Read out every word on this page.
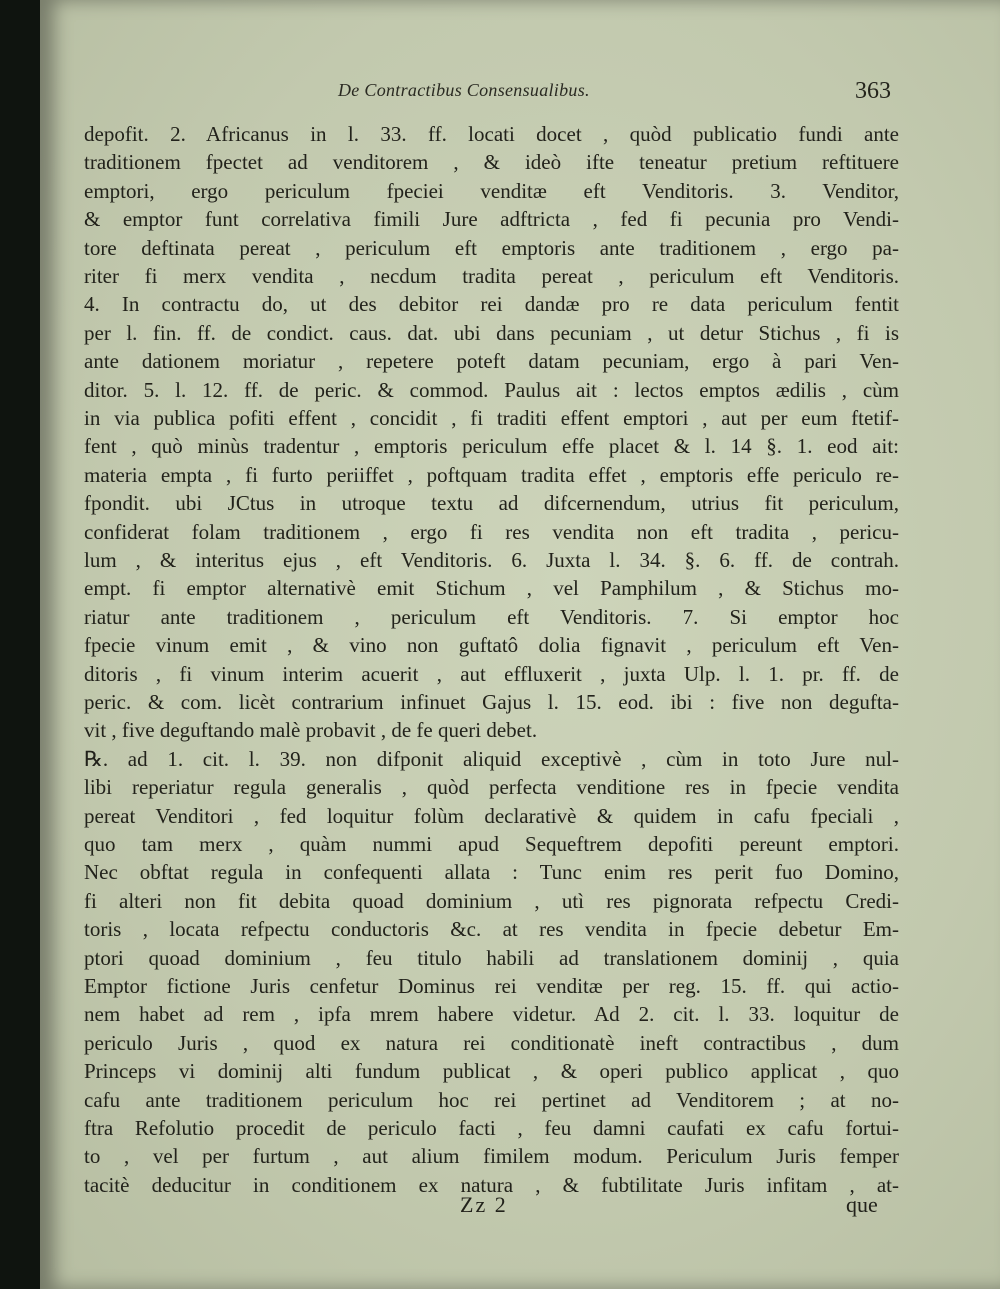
De Contractibus Consensualibus.	363
depofit. 2. Africanus in l. 33. ff. locati docet , quòd publicatio fundi ante
traditionem fpectet ad venditorem , & ideò ifte teneatur pretium reftituere
emptori, ergo periculum fpeciei venditæ eft Venditoris. 3. Venditor,
& emptor funt correlativa fimili Jure adftricta , fed fi pecunia pro Vendi-
tore deftinata pereat , periculum eft emptoris ante traditionem , ergo pa-
riter fi merx vendita , necdum tradita pereat , periculum eft Venditoris.
4. In contractu do, ut des debitor rei dandæ pro re data periculum fentit
per l. fin. ff. de condict. caus. dat. ubi dans pecuniam , ut detur Stichus , fi is
ante dationem moriatur , repetere poteft datam pecuniam, ergo à pari Ven-
ditor. 5. l. 12. ff. de peric. & commod. Paulus ait : lectos emptos ædilis , cùm
in via publica pofiti effent , concidit , fi traditi effent emptori , aut per eum ftetif-
fent , quò minùs tradentur , emptoris periculum effe placet & l. 14 §. 1. eod ait:
materia empta , fi furto periiffet , poftquam tradita effet , emptoris effe periculo re-
fpondit. ubi JCtus in utroque textu ad difcernendum, utrius fit periculum,
confiderat folam traditionem , ergo fi res vendita non eft tradita , pericu-
lum , & interitus ejus , eft Venditoris. 6. Juxta l. 34. §. 6. ff. de contrah.
empt. fi emptor alternativè emit Stichum , vel Pamphilum , & Stichus mo-
riatur ante traditionem , periculum eft Venditoris. 7. Si emptor hoc
fpecie vinum emit , & vino non guftatô dolia fignavit , periculum eft Ven-
ditoris , fi vinum interim acuerit , aut effluxerit , juxta Ulp. l. 1. pr. ff. de
peric. & com. licèt contrarium infinuet Gajus l. 15. eod. ibi : five non degufta-
vit , five deguftando malè probavit , de fe queri debet.
℞. ad 1. cit. l. 39. non difponit aliquid exceptivè , cùm in toto Jure nul-
libi reperiatur regula generalis , quòd perfecta venditione res in fpecie vendita
pereat Venditori , fed loquitur folùm declarativè & quidem in cafu fpeciali ,
quo tam merx , quàm nummi apud Sequeftrem depofiti pereunt emptori.
Nec obftat regula in confequenti allata : Tunc enim res perit fuo Domino,
fi alteri non fit debita quoad dominium , utì res pignorata refpectu Credi-
toris , locata refpectu conductoris &c. at res vendita in fpecie debetur Em-
ptori quoad dominium , feu titulo habili ad translationem dominij , quia
Emptor fictione Juris cenfetur Dominus rei venditæ per reg. 15. ff. qui actio-
nem habet ad rem , ipfa mrem habere videtur. Ad 2. cit. l. 33. loquitur de
periculo Juris , quod ex natura rei conditionatè ineft contractibus , dum
Princeps vi dominij alti fundum publicat , & operi publico applicat , quo
cafu ante traditionem periculum hoc rei pertinet ad Venditorem ; at no-
ftra Refolutio procedit de periculo facti , feu damni caufati ex cafu fortui-
to , vel per furtum , aut alium fimilem modum. Periculum Juris femper
tacitè deducitur in conditionem ex natura , & fubtilitate Juris infitam , at-
Zz 2	que
